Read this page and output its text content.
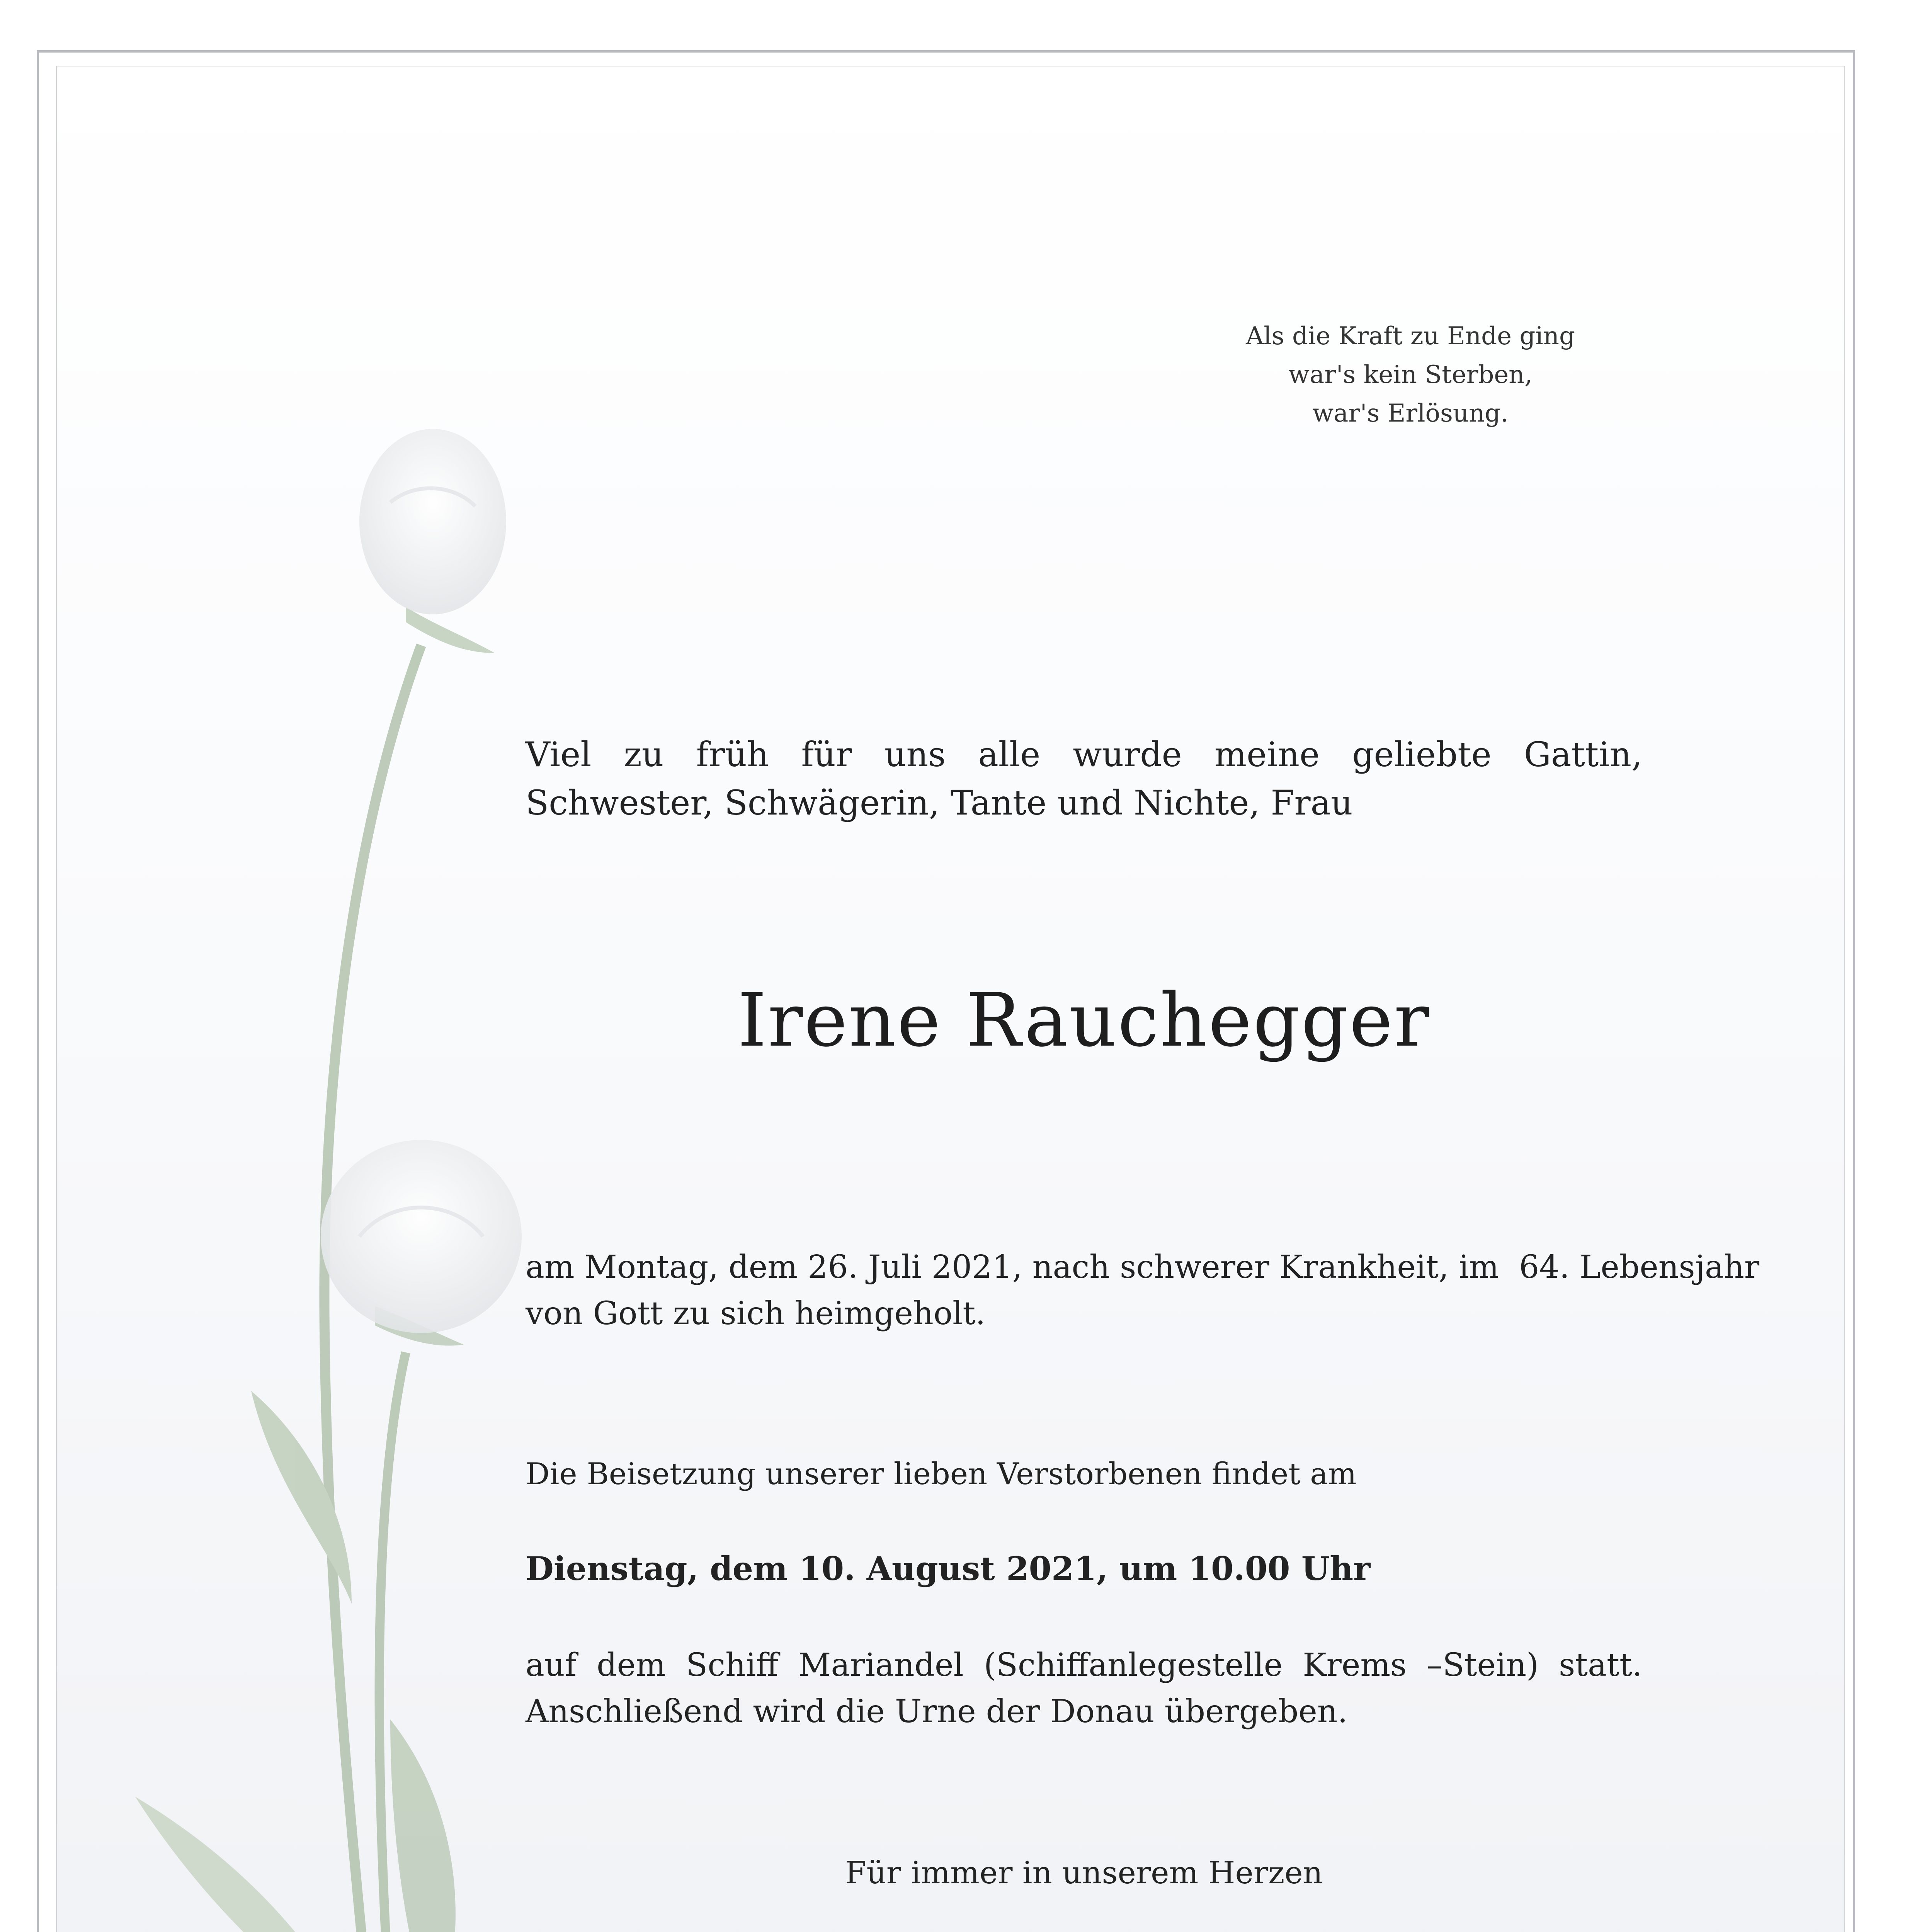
Als die Kraft zu Ende ging
war's kein Sterben,
war's Erlösung.

Viel zu früh für uns alle wurde meine geliebte Gattin, Schwester, Schwägerin, Tante und Nichte, Frau

Irene Rauchegger
am Montag, dem 26. Juli 2021, nach schwerer Krankheit, im  64. Lebensjahr
von Gott zu sich heimgeholt.

Die Beisetzung unserer lieben Verstorbenen findet am

Dienstag, dem 10. August 2021, um 10.00 Uhr

auf dem Schiff Mariandel (Schiffanlegestelle Krems –Stein) statt. Anschließend wird die Urne der Donau übergeben.

Für immer in unserem Herzen
